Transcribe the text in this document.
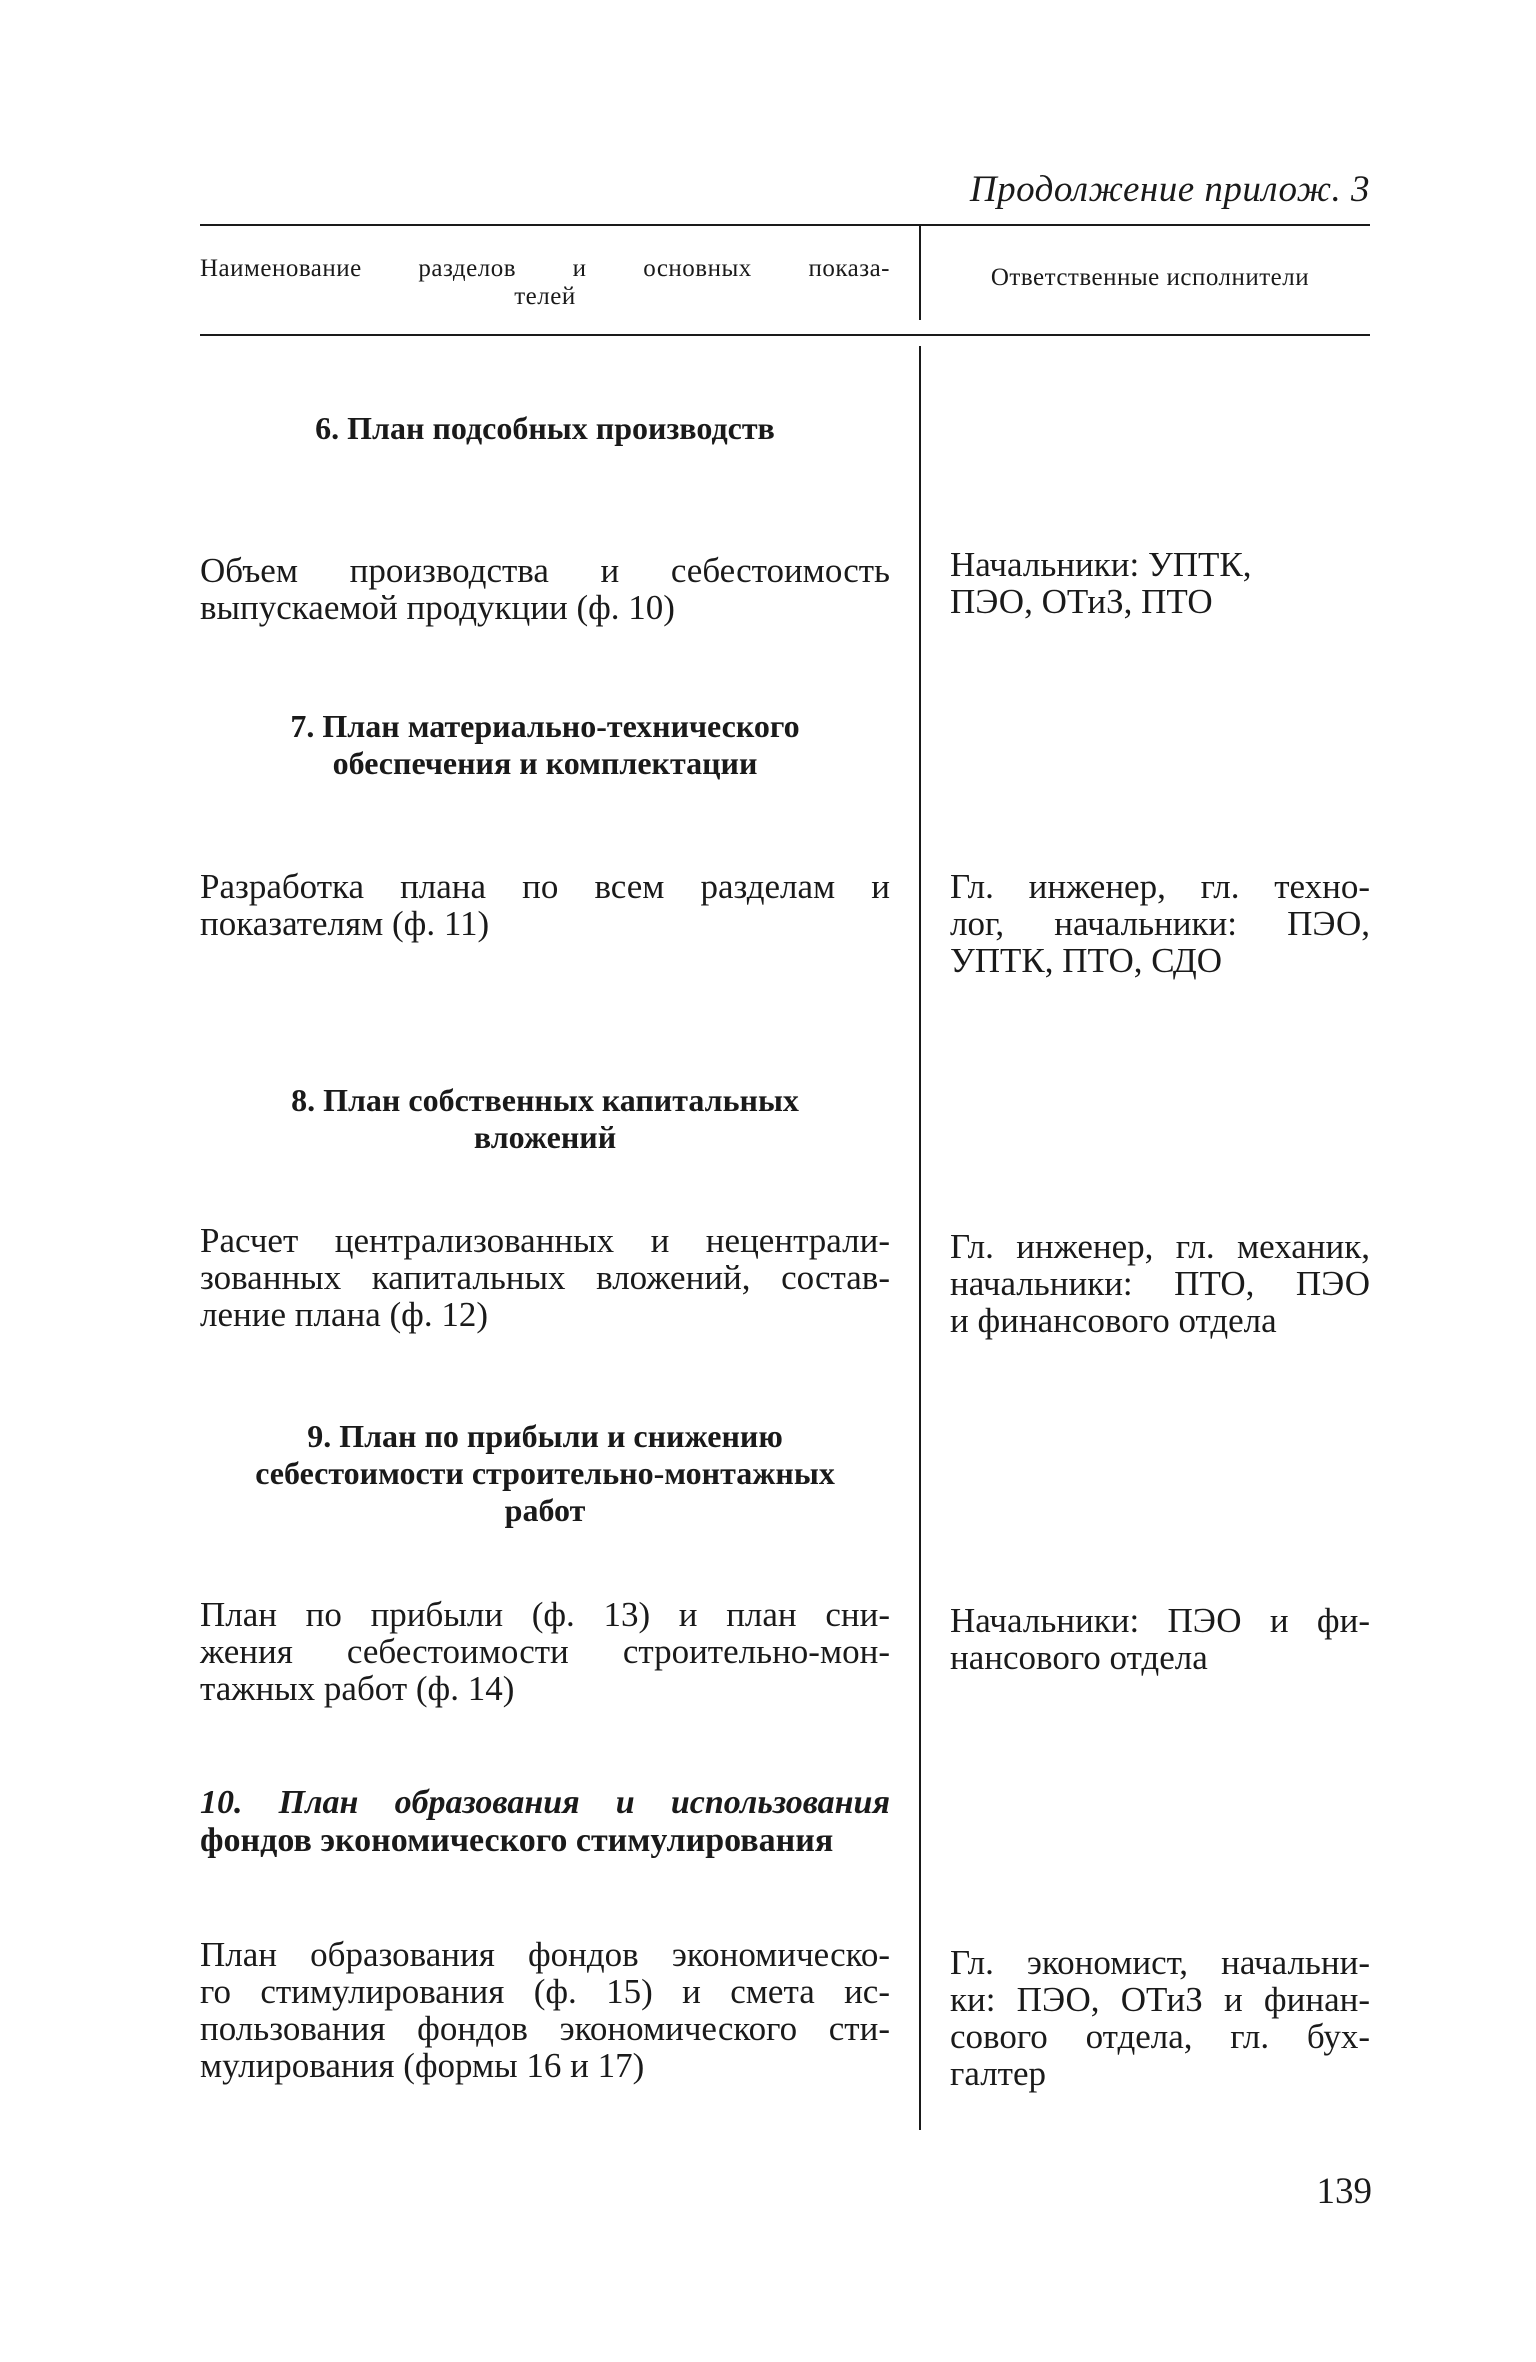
Продолжение прилож. 3
Наименование разделов и основных показа-
телей
Ответственные исполнители
6. План подсобных производств
Объем производства и себестоимость
выпускаемой продукции (ф. 10)
Начальники: УПТК,
ПЭО, ОТиЗ, ПТО
7. План материально-технического
обеспечения и комплектации
Разработка плана по всем разделам и
показателям (ф. 11)
Гл. инженер, гл. техно-
лог, начальники: ПЭО,
УПТК, ПТО, СДО
8. План собственных капитальных
вложений
Расчет централизованных и нецентрали-
зованных капитальных вложений, состав-
ление плана (ф. 12)
Гл. инженер, гл. механик,
начальники: ПТО, ПЭО
и финансового отдела
9. План по прибыли и снижению
себестоимости строительно-монтажных
работ
План по прибыли (ф. 13) и план сни-
жения себестоимости строительно-мон-
тажных работ (ф. 14)
Начальники: ПЭО и фи-
нансового отдела
10. План образования и использования
фондов экономического стимулирования
План образования фондов экономическо-
го стимулирования (ф. 15) и смета ис-
пользования фондов экономического сти-
мулирования (формы 16 и 17)
Гл. экономист, начальни-
ки: ПЭО, ОТиЗ и финан-
сового отдела, гл. бух-
галтер
139
